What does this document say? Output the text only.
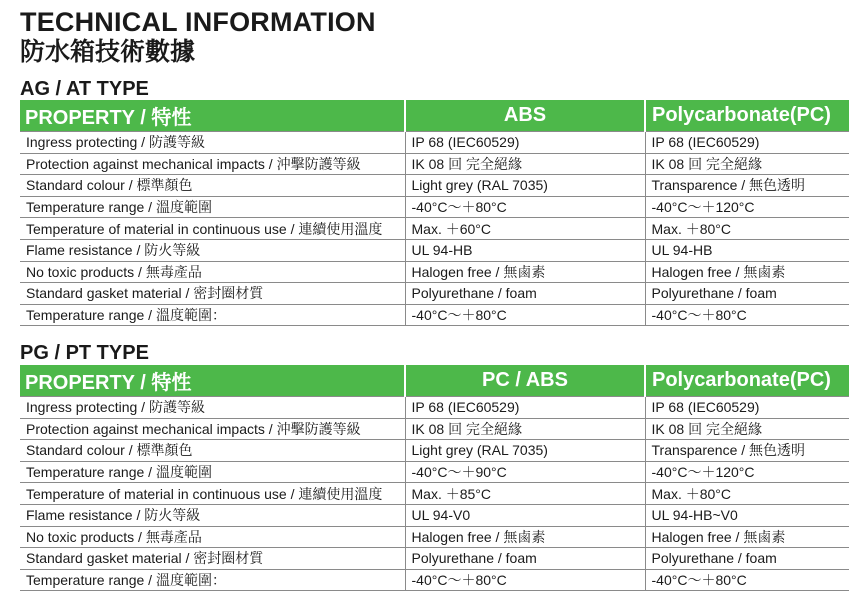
TECHNICAL INFORMATION
防水箱技術數據
AG / AT TYPE
PROPERTY / 特性	ABS	Polycarbonate(PC)
Ingress protecting / 防護等級	IP 68 (IEC60529)	IP 68 (IEC60529)
Protection against mechanical impacts / 沖擊防護等級	IK 08 回 完全絕緣	IK 08 回 完全絕緣
Standard colour / 標準顏色	Light grey (RAL 7035)	Transparence / 無色透明
Temperature range / 溫度範圍	-40°C～＋80°C	-40°C～＋120°C
Temperature of material in continuous use / 連續使用溫度	Max. ＋60°C	Max. ＋80°C
Flame resistance / 防火等級	UL 94-HB	UL 94-HB
No toxic products / 無毒產品	Halogen free / 無鹵素	Halogen free / 無鹵素
Standard gasket material / 密封圈材質	Polyurethane / foam	Polyurethane / foam
Temperature range / 溫度範圍：	-40°C～＋80°C	-40°C～＋80°C
PG / PT TYPE
PROPERTY / 特性	PC / ABS	Polycarbonate(PC)
Ingress protecting / 防護等級	IP 68 (IEC60529)	IP 68 (IEC60529)
Protection against mechanical impacts / 沖擊防護等級	IK 08 回 完全絕緣	IK 08 回 完全絕緣
Standard colour / 標準顏色	Light grey (RAL 7035)	Transparence / 無色透明
Temperature range / 溫度範圍	-40°C～＋90°C	-40°C～＋120°C
Temperature of material in continuous use / 連續使用溫度	Max. ＋85°C	Max. ＋80°C
Flame resistance / 防火等級	UL 94-V0	UL 94-HB~V0
No toxic products / 無毒產品	Halogen free / 無鹵素	Halogen free / 無鹵素
Standard gasket material / 密封圈材質	Polyurethane / foam	Polyurethane / foam
Temperature range / 溫度範圍：	-40°C～＋80°C	-40°C～＋80°C
